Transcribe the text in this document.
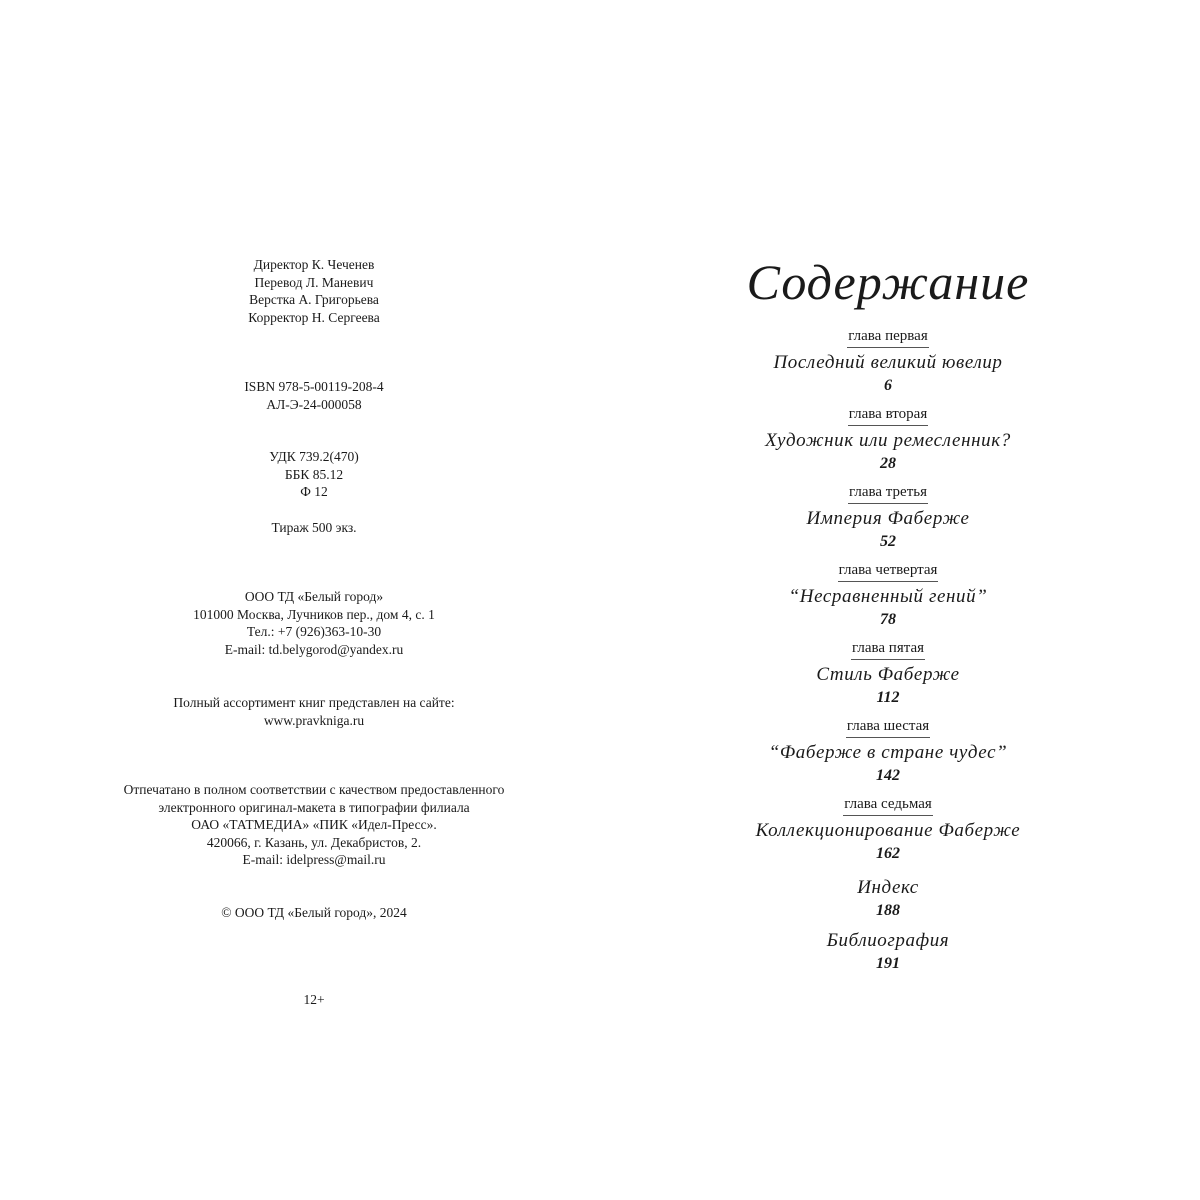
Директор К. Чеченев
Перевод Л. Маневич
Верстка А. Григорьева
Корректор Н. Сергеева
ISBN 978-5-00119-208-4
АЛ-Э-24-000058
УДК 739.2(470)
ББК 85.12
Ф 12
Тираж 500 экз.
ООО ТД «Белый город»
101000 Москва, Лучников пер., дом 4, с. 1
Тел.: +7 (926)363-10-30
E-mail: td.belygorod@yandex.ru
Полный ассортимент книг представлен на сайте:
www.pravkniga.ru
Отпечатано в полном соответствии с качеством предоставленного
электронного оригинал-макета в типографии филиала
ОАО «ТАТМЕДИА» «ПИК «Идел-Пресс».
420066, г. Казань, ул. Декабристов, 2.
E-mail: idelpress@mail.ru
© ООО ТД «Белый город», 2024
12+
Содержание
глава первая
Последний великий ювелир
6
глава вторая
Художник или ремесленник?
28
глава третья
Империя Фаберже
52
глава четвертая
“Несравненный гений”
78
глава пятая
Стиль Фаберже
112
глава шестая
“Фаберже в стране чудес”
142
глава седьмая
Коллекционирование Фаберже
162
Индекс
188
Библиография
191
